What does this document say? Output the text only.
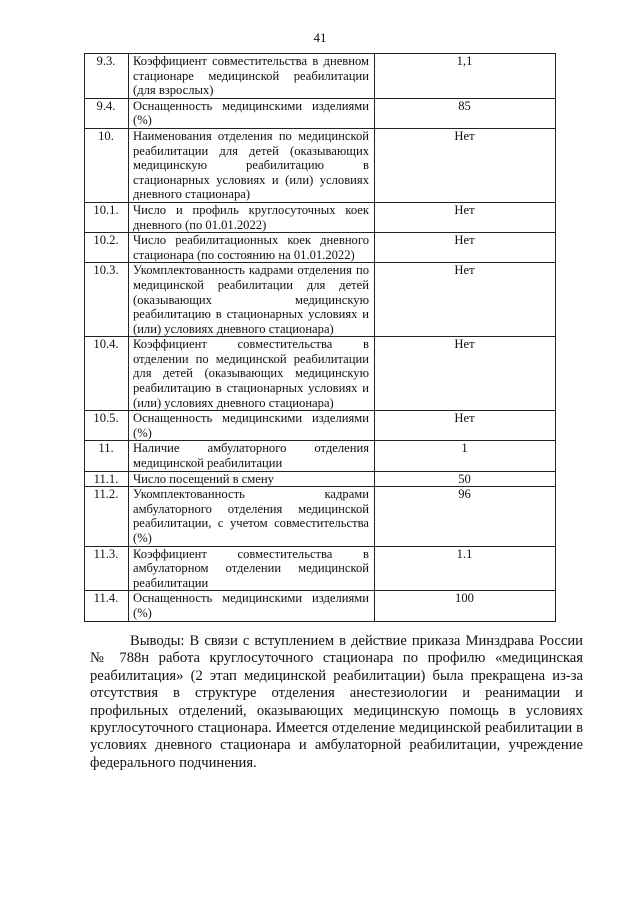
41
9.3.	Коэффициент совместительства в дневном стационаре медицинской реабилитации (для взрослых)	1,1
9.4.	Оснащенность медицинскими изделиями (%)	85
10.	Наименования отделения по медицинской реабилитации для детей (оказывающих медицинскую реабилитацию в стационарных условиях и (или) условиях дневного стационара)	Нет
10.1.	Число и профиль круглосуточных коек дневного (по 01.01.2022)	Нет
10.2.	Число реабилитационных коек дневного стационара (по состоянию на 01.01.2022)	Нет
10.3.	Укомплектованность кадрами отделения по медицинской реабилитации для детей (оказывающих медицинскую реабилитацию в стационарных условиях и (или) условиях дневного стационара)	Нет
10.4.	Коэффициент совместительства в отделении по медицинской реабилитации для детей (оказывающих медицинскую реабилитацию в стационарных условиях и (или) условиях дневного стационара)	Нет
10.5.	Оснащенность медицинскими изделиями (%)	Нет
11.	Наличие амбулаторного отделения медицинской реабилитации	1
11.1.	Число посещений в смену	50
11.2.	Укомплектованность кадрами амбулаторного отделения медицинской реабилитации, с учетом совместительства (%)	96
11.3.	Коэффициент совместительства в амбулаторном отделении медицинской реабилитации	1.1
11.4.	Оснащенность медицинскими изделиями (%)	100

Выводы: В связи с вступлением в действие приказа Минздрава России № 788н работа круглосуточного стационара по профилю «медицинская реабилитация» (2 этап медицинской реабилитации) была прекращена из-за отсутствия в структуре отделения анестезиологии и реанимации и профильных отделений, оказывающих медицинскую помощь в условиях круглосуточного стационара. Имеется отделение медицинской реабилитации в условиях дневного стационара и амбулаторной реабилитации, учреждение федерального подчинения.
